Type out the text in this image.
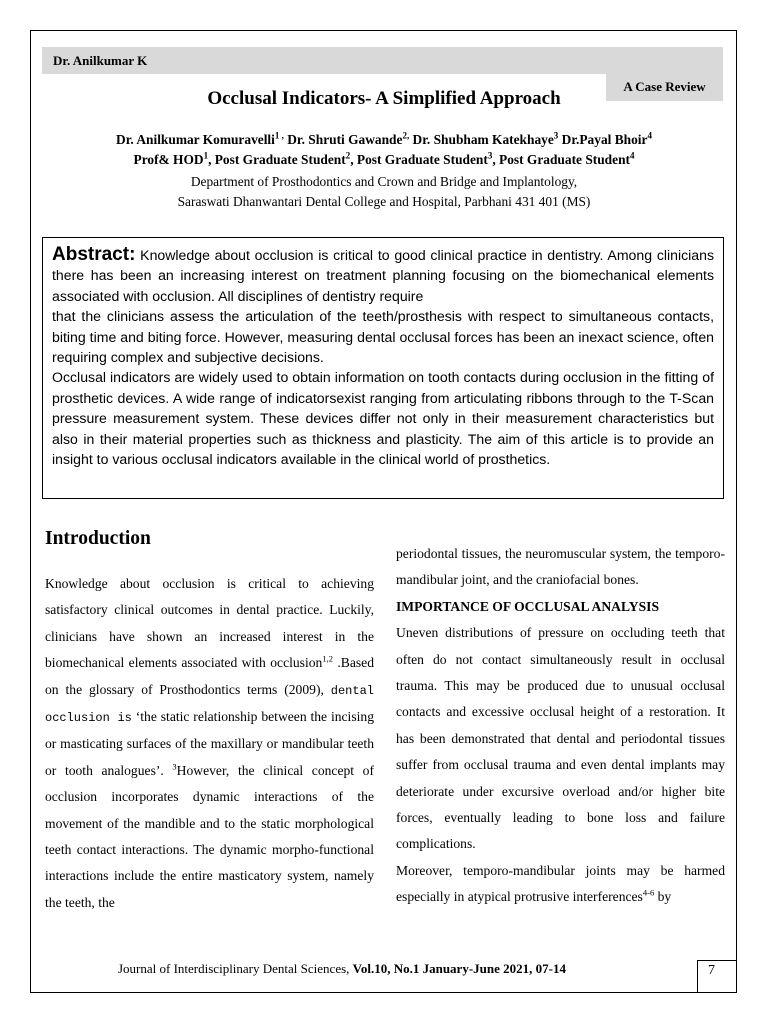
Dr. Anilkumar K
A Case Review
Occlusal Indicators- A Simplified Approach
Dr. Anilkumar Komuravelli$^{1 ,}$ Dr. Shruti Gawande$^{2,}$ Dr. Shubham Katekhaye$^3$ Dr.Payal Bhoir$^4$
Prof& HOD$^1$, Post Graduate Student$^2$, Post Graduate Student$^3$, Post Graduate Student$^4$
Department of Prosthodontics and Crown and Bridge and Implantology,
Saraswati Dhanwantari Dental College and Hospital, Parbhani 431 401 (MS)

Abstract: Knowledge about occlusion is critical to good clinical practice in dentistry. Among clinicians there has been an increasing interest on treatment planning focusing on the biomechanical elements associated with occlusion. All disciplines of dentistry require

that the clinicians assess the articulation of the teeth/prosthesis with respect to simultaneous contacts, biting time and biting force. However, measuring dental occlusal forces has been an inexact science, often requiring complex and subjective decisions.

Occlusal indicators are widely used to obtain information on tooth contacts during occlusion in the fitting of prosthetic devices. A wide range of indicatorsexist ranging from articulating ribbons through to the T-Scan pressure measurement system. These devices differ not only in their measurement characteristics but also in their material properties such as thickness and plasticity. The aim of this article is to provide an insight to various occlusal indicators available in the clinical world of prosthetics.

Introduction

Knowledge about occlusion is critical to achieving satisfactory clinical outcomes in dental practice. Luckily, clinicians have shown an increased interest in the biomechanical elements associated with occlusion$^{1,2}$ .Based on the glossary of Prosthodontics terms (2009), dental occlusion is ‘the static relationship between the incising or masticating surfaces of the maxillary or mandibular teeth or tooth analogues’. $^3$However, the clinical concept of occlusion incorporates dynamic interactions of the movement of the mandible and to the static morphological teeth contact interactions. The dynamic morpho-functional interactions include the entire masticatory system, namely the teeth, the

periodontal tissues, the neuromuscular system, the temporo-mandibular joint, and the craniofacial bones.

IMPORTANCE OF OCCLUSAL ANALYSIS

Uneven distributions of pressure on occluding teeth that often do not contact simultaneously result in occlusal trauma. This may be produced due to unusual occlusal contacts and excessive occlusal height of a restoration. It has been demonstrated that dental and periodontal tissues suffer from occlusal trauma and even dental implants may deteriorate under excursive overload and/or higher bite forces, eventually leading to bone loss and failure complications.

Moreover, temporo-mandibular joints may be harmed especially in atypical protrusive interferences$^{4-6}$ by

Journal of Interdisciplinary Dental Sciences, Vol.10, No.1 January-June 2021, 07-14	7
